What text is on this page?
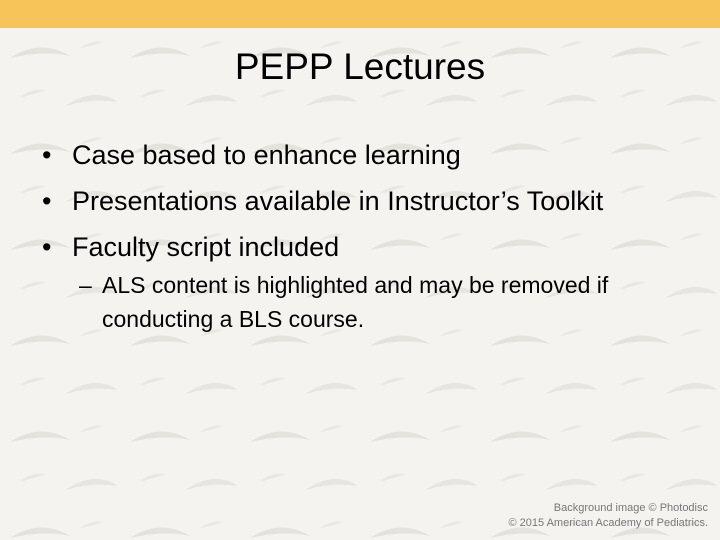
PEPP Lectures
• Case based to enhance learning
• Presentations available in Instructor’s Toolkit
• Faculty script included
– ALS content is highlighted and may be removed if conducting a BLS course.
Background image © Photodisc
© 2015 American Academy of Pediatrics.
